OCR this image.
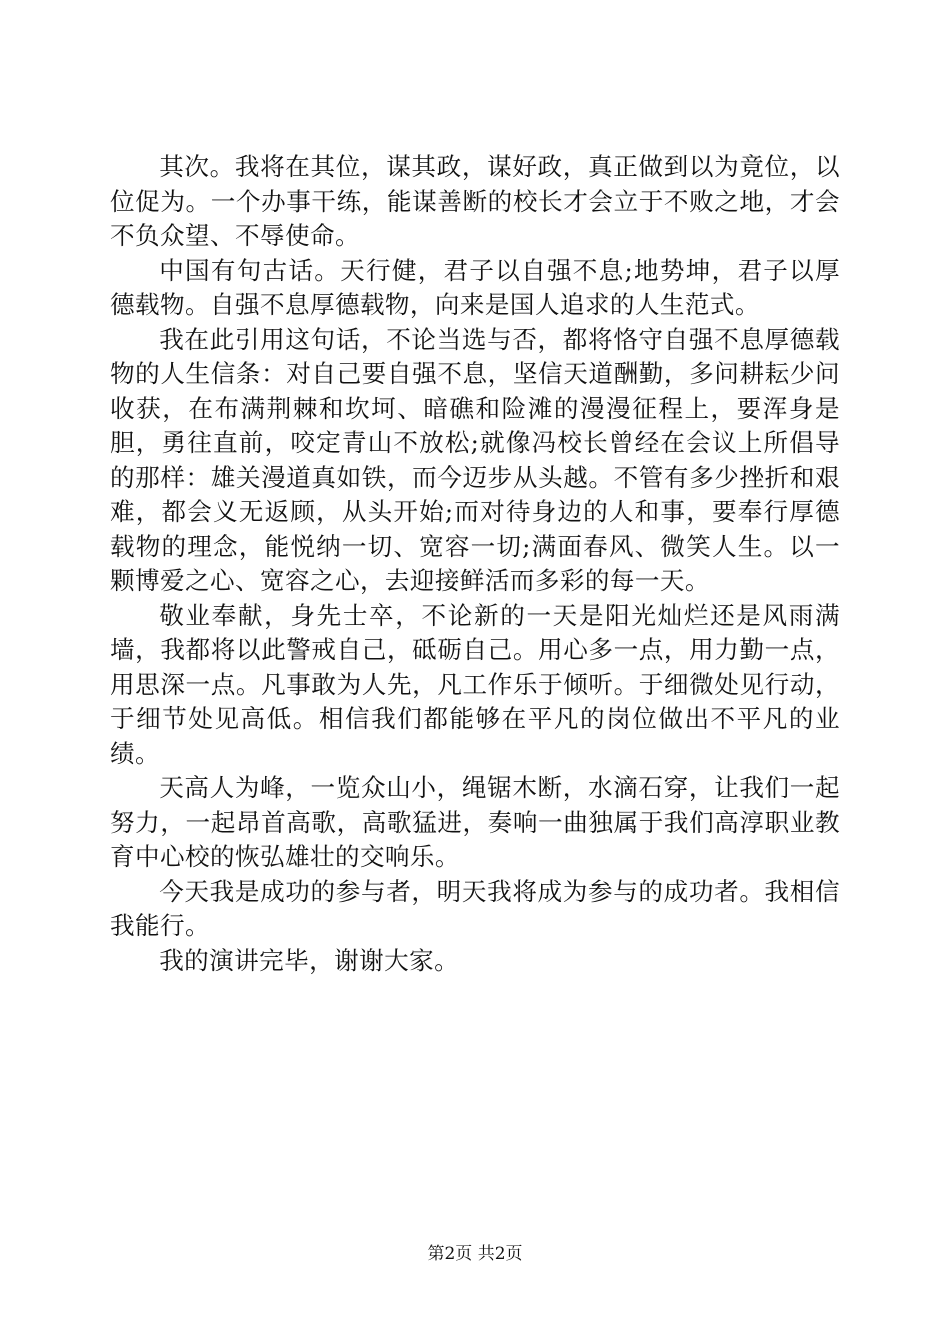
其次。我将在其位，谋其政，谋好政，真正做到以为竟位，以位促为。一个办事干练，能谋善断的校长才会立于不败之地，才会不负众望、不辱使命。

中国有句古话。天行健，君子以自强不息;地势坤，君子以厚德载物。自强不息厚德载物，向来是国人追求的人生范式。

我在此引用这句话，不论当选与否，都将恪守自强不息厚德载物的人生信条：对自己要自强不息，坚信天道酬勤，多问耕耘少问收获，在布满荆棘和坎坷、暗礁和险滩的漫漫征程上，要浑身是胆，勇往直前，咬定青山不放松;就像冯校长曾经在会议上所倡导的那样：雄关漫道真如铁，而今迈步从头越。不管有多少挫折和艰难，都会义无返顾，从头开始;而对待身边的人和事，要奉行厚德载物的理念，能悦纳一切、宽容一切;满面春风、微笑人生。以一颗博爱之心、宽容之心，去迎接鲜活而多彩的每一天。

敬业奉献，身先士卒，不论新的一天是阳光灿烂还是风雨满墙，我都将以此警戒自己，砥砺自己。用心多一点，用力勤一点，用思深一点。凡事敢为人先，凡工作乐于倾听。于细微处见行动，于细节处见高低。相信我们都能够在平凡的岗位做出不平凡的业绩。

天高人为峰，一览众山小，绳锯木断，水滴石穿，让我们一起努力，一起昂首高歌，高歌猛进，奏响一曲独属于我们高淳职业教育中心校的恢弘雄壮的交响乐。

今天我是成功的参与者，明天我将成为参与的成功者。我相信我能行。

我的演讲完毕，谢谢大家。

第2页 共2页
